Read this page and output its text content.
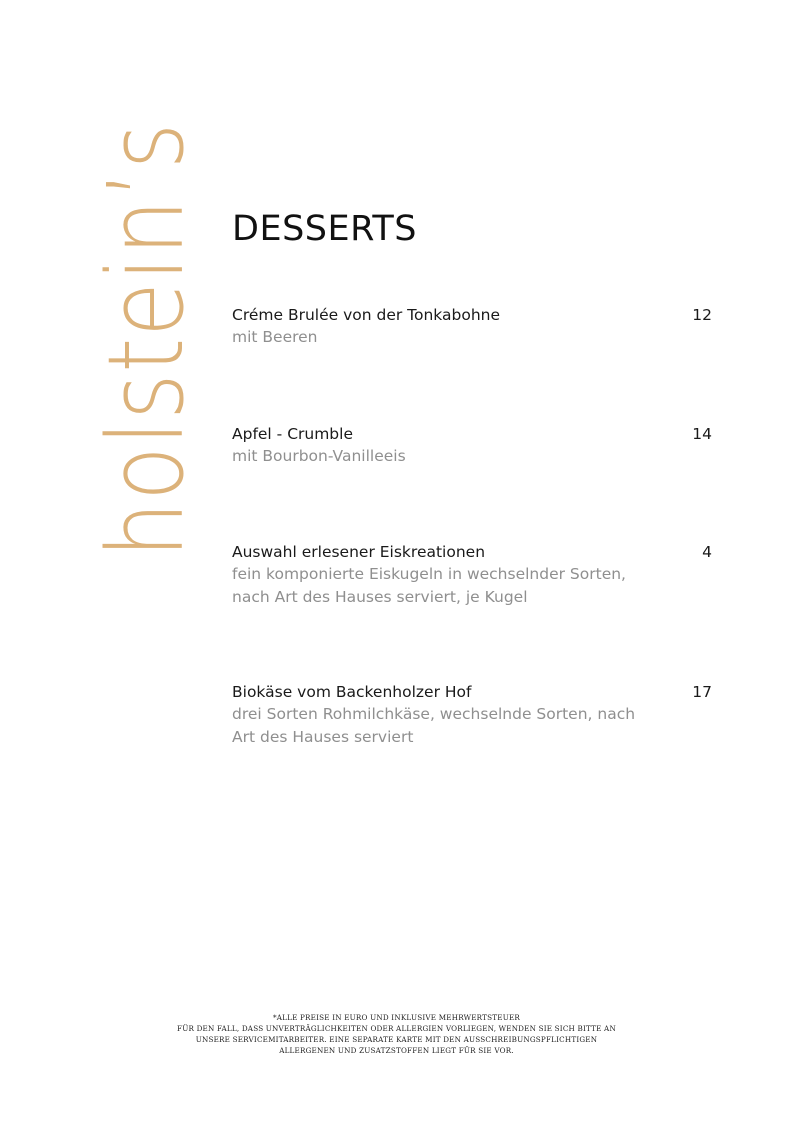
holstein’s DESSERTS
Créme Brulée von der Tonkabohne	12
mit Beeren
Apfel - Crumble	14
mit Bourbon-Vanilleeis
Auswahl erlesener Eiskreationen	4
fein komponierte Eiskugeln in wechselnder Sorten, nach Art des Hauses serviert, je Kugel
Biokäse vom Backenholzer Hof	17
drei Sorten Rohmilchkäse, wechselnde Sorten, nach Art des Hauses serviert
*ALLE PREISE IN EURO UND INKLUSIVE MEHRWERTSTEUER
FÜR DEN FALL, DASS UNVERTRÄGLICHKEITEN ODER ALLERGIEN VORLIEGEN, WENDEN SIE SICH BITTE AN
UNSERE SERVICEMITARBEITER. EINE SEPARATE KARTE MIT DEN AUSSCHREIBUNGSPFLICHTIGEN
ALLERGENEN UND ZUSATZSTOFFEN LIEGT FÜR SIE VOR.
